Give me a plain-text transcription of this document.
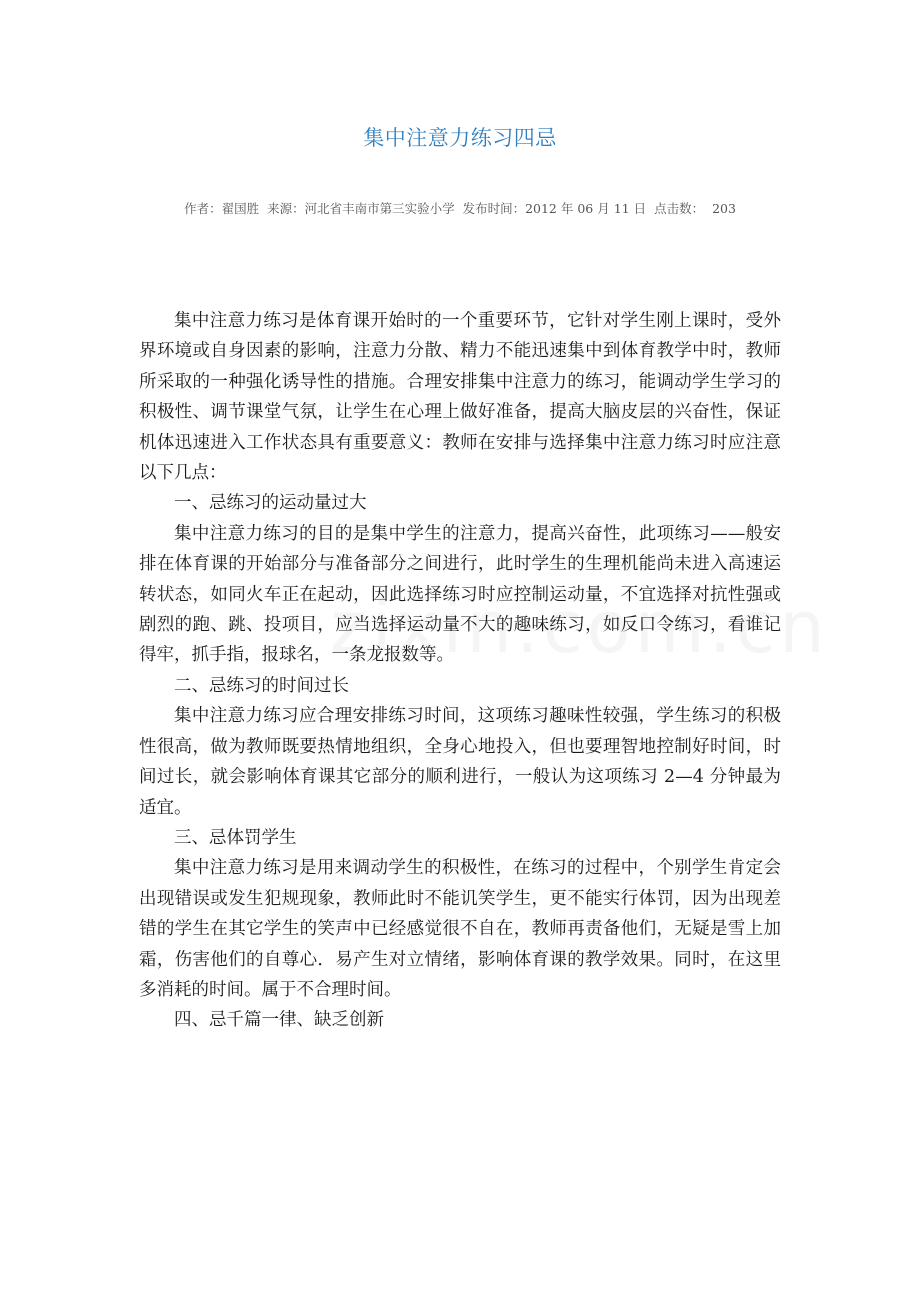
集中注意力练习四忌
作者：翟国胜 来源：河北省丰南市第三实验小学 发布时间：2012 年 06 月 11 日 点击数： 203

集中注意力练习是体育课开始时的一个重要环节，它针对学生刚上课时，受外界环境或自身因素的影响，注意力分散、精力不能迅速集中到体育教学中时，教师所采取的一种强化诱导性的措施。合理安排集中注意力的练习，能调动学生学习的积极性、调节课堂气氛，让学生在心理上做好准备，提高大脑皮层的兴奋性，保证机体迅速进入工作状态具有重要意义：教师在安排与选择集中注意力练习时应注意以下几点：

一、忌练习的运动量过大

集中注意力练习的目的是集中学生的注意力，提高兴奋性，此项练习——般安排在体育课的开始部分与准备部分之间进行，此时学生的生理机能尚未进入高速运转状态，如同火车正在起动，因此选择练习时应控制运动量，不宜选择对抗性强或剧烈的跑、跳、投项目，应当选择运动量不大的趣味练习，如反口令练习，看谁记得牢，抓手指，报球名，一条龙报数等。

二、忌练习的时间过长

集中注意力练习应合理安排练习时间，这项练习趣味性较强，学生练习的积极性很高，做为教师既要热情地组织，全身心地投入，但也要理智地控制好时间，时间过长，就会影响体育课其它部分的顺利进行，一般认为这项练习 2—4 分钟最为适宜。

三、忌体罚学生

集中注意力练习是用来调动学生的积极性，在练习的过程中，个别学生肯定会出现错误或发生犯规现象，教师此时不能讥笑学生，更不能实行体罚，因为出现差错的学生在其它学生的笑声中已经感觉很不自在，教师再责备他们，无疑是雪上加霜，伤害他们的自尊心．易产生对立情绪，影响体育课的教学效果。同时，在这里多消耗的时间。属于不合理时间。

四、忌千篇一律、缺乏创新
